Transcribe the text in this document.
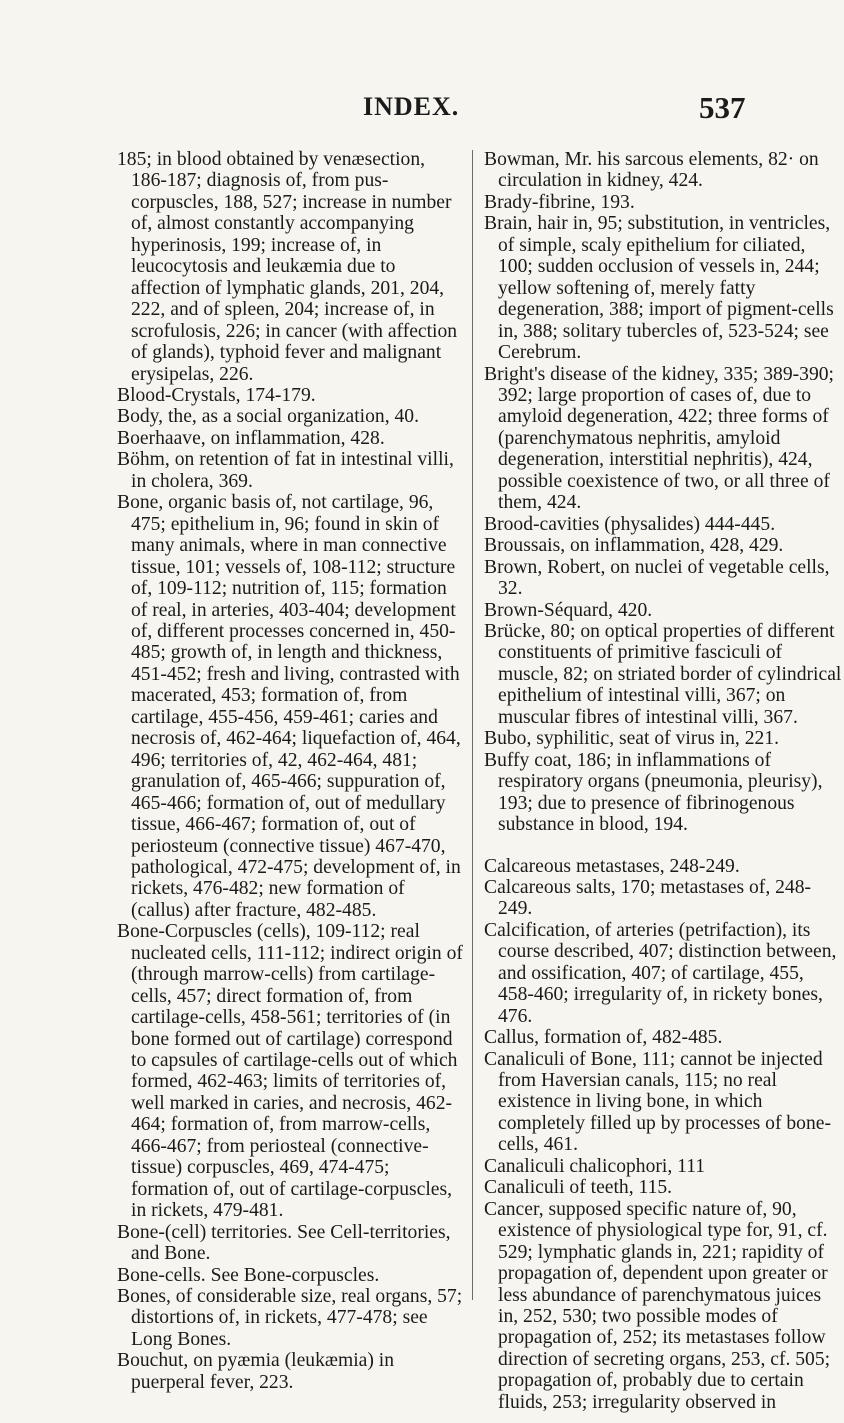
INDEX.	537

185; in blood obtained by venæsection, 186-187; diagnosis of, from pus-corpuscles, 188, 527; increase in number of, almost constantly accompanying hyperinosis, 199; increase of, in leucocytosis and leukæmia due to affection of lymphatic glands, 201, 204, 222, and of spleen, 204; increase of, in scrofulosis, 226; in cancer (with affection of glands), typhoid fever and malignant erysipelas, 226.

Blood-Crystals, 174-179.

Body, the, as a social organization, 40.

Boerhaave, on inflammation, 428.

Böhm, on retention of fat in intestinal villi, in cholera, 369.

Bone, organic basis of, not cartilage, 96, 475; epithelium in, 96; found in skin of many animals, where in man connective tissue, 101; vessels of, 108-112; structure of, 109-112; nutrition of, 115; formation of real, in arteries, 403-404; development of, different processes concerned in, 450-485; growth of, in length and thickness, 451-452; fresh and living, contrasted with macerated, 453; formation of, from cartilage, 455-456, 459-461; caries and necrosis of, 462-464; liquefaction of, 464, 496; territories of, 42, 462-464, 481; granulation of, 465-466; suppuration of, 465-466; formation of, out of medullary tissue, 466-467; formation of, out of periosteum (connective tissue) 467-470, pathological, 472-475; development of, in rickets, 476-482; new formation of (callus) after fracture, 482-485.

Bone-Corpuscles (cells), 109-112; real nucleated cells, 111-112; indirect origin of (through marrow-cells) from cartilage-cells, 457; direct formation of, from cartilage-cells, 458-561; territories of (in bone formed out of cartilage) correspond to capsules of cartilage-cells out of which formed, 462-463; limits of territories of, well marked in caries, and necrosis, 462-464; formation of, from marrow-cells, 466-467; from periosteal (connective-tissue) corpuscles, 469, 474-475; formation of, out of cartilage-corpuscles, in rickets, 479-481.

Bone-(cell) territories. See Cell-territories, and Bone.

Bone-cells. See Bone-corpuscles.

Bones, of considerable size, real organs, 57; distortions of, in rickets, 477-478; see Long Bones.

Bouchut, on pyæmia (leukæmia) in puerperal fever, 223.

Bowman, Mr. his sarcous elements, 82· on circulation in kidney, 424.

Brady-fibrine, 193.

Brain, hair in, 95; substitution, in ventricles, of simple, scaly epithelium for ciliated, 100; sudden occlusion of vessels in, 244; yellow softening of, merely fatty degeneration, 388; import of pigment-cells in, 388; solitary tubercles of, 523-524; see Cerebrum.

Bright's disease of the kidney, 335; 389-390; 392; large proportion of cases of, due to amyloid degeneration, 422; three forms of (parenchymatous nephritis, amyloid degeneration, interstitial nephritis), 424, possible coexistence of two, or all three of them, 424.

Brood-cavities (physalides) 444-445.

Broussais, on inflammation, 428, 429.

Brown, Robert, on nuclei of vegetable cells, 32.

Brown-Séquard, 420.

Brücke, 80; on optical properties of different constituents of primitive fasciculi of muscle, 82; on striated border of cylindrical epithelium of intestinal villi, 367; on muscular fibres of intestinal villi, 367.

Bubo, syphilitic, seat of virus in, 221.

Buffy coat, 186; in inflammations of respiratory organs (pneumonia, pleurisy), 193; due to presence of fibrinogenous substance in blood, 194.

Calcareous metastases, 248-249.

Calcareous salts, 170; metastases of, 248-249.

Calcification, of arteries (petrifaction), its course described, 407; distinction between, and ossification, 407; of cartilage, 455, 458-460; irregularity of, in rickety bones, 476.

Callus, formation of, 482-485.

Canaliculi of Bone, 111; cannot be injected from Haversian canals, 115; no real existence in living bone, in which completely filled up by processes of bone-cells, 461.

Canaliculi chalicophori, 111

Canaliculi of teeth, 115.

Cancer, supposed specific nature of, 90, existence of physiological type for, 91, cf. 529; lymphatic glands in, 221; rapidity of propagation of, dependent upon greater or less abundance of parenchymatous juices in, 252, 530; two possible modes of propagation of, 252; its metastases follow direction of secreting organs, 253, cf. 505; propagation of, probably due to certain fluids, 253; irregularity observed in
